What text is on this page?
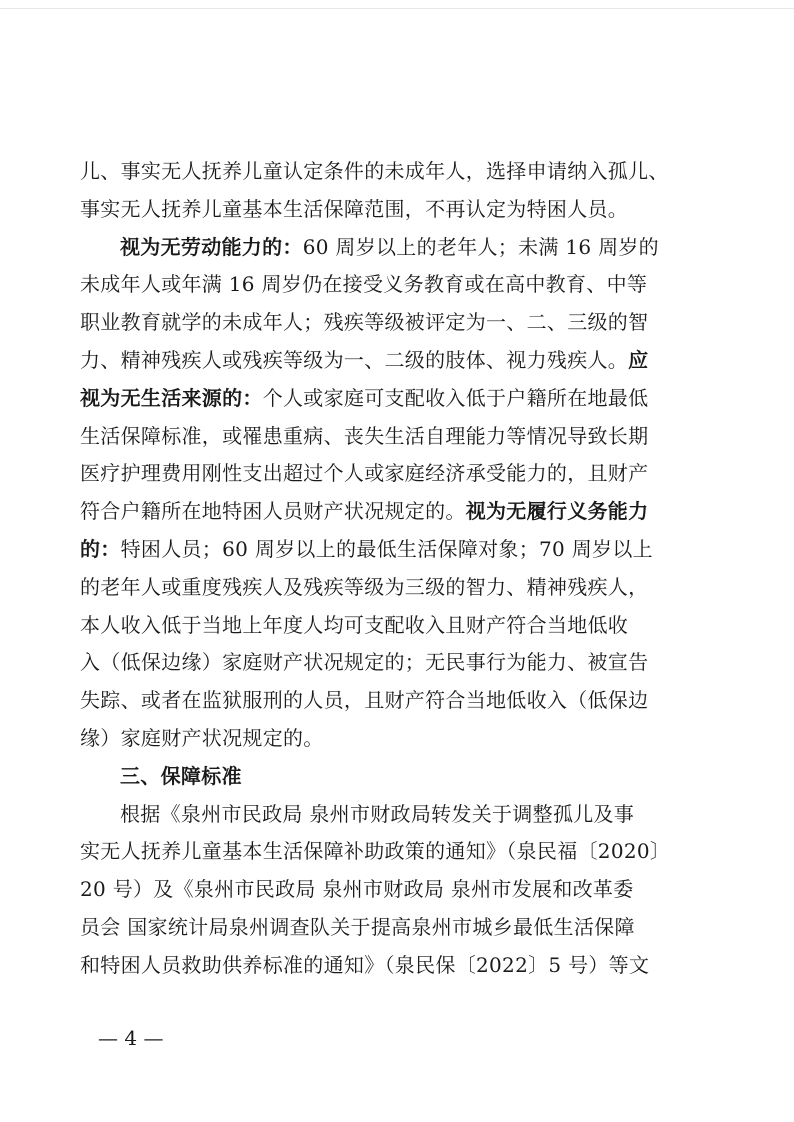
儿、事实无人抚养儿童认定条件的未成年人，选择申请纳入孤儿、
事实无人抚养儿童基本生活保障范围，不再认定为特困人员。
视为无劳动能力的：60 周岁以上的老年人；未满 16 周岁的
未成年人或年满 16 周岁仍在接受义务教育或在高中教育、中等
职业教育就学的未成年人；残疾等级被评定为一、二、三级的智
力、精神残疾人或残疾等级为一、二级的肢体、视力残疾人。应
视为无生活来源的：个人或家庭可支配收入低于户籍所在地最低
生活保障标准，或罹患重病、丧失生活自理能力等情况导致长期
医疗护理费用刚性支出超过个人或家庭经济承受能力的，且财产
符合户籍所在地特困人员财产状况规定的。视为无履行义务能力
的：特困人员；60 周岁以上的最低生活保障对象；70 周岁以上
的老年人或重度残疾人及残疾等级为三级的智力、精神残疾人，
本人收入低于当地上年度人均可支配收入且财产符合当地低收
入（低保边缘）家庭财产状况规定的；无民事行为能力、被宣告
失踪、或者在监狱服刑的人员，且财产符合当地低收入（低保边
缘）家庭财产状况规定的。
三、保障标准
根据《泉州市民政局 泉州市财政局转发关于调整孤儿及事
实无人抚养儿童基本生活保障补助政策的通知》（泉民福〔2020〕
20 号）及《泉州市民政局 泉州市财政局 泉州市发展和改革委
员会 国家统计局泉州调查队关于提高泉州市城乡最低生活保障
和特困人员救助供养标准的通知》（泉民保〔2022〕5 号）等文
— 4 —
